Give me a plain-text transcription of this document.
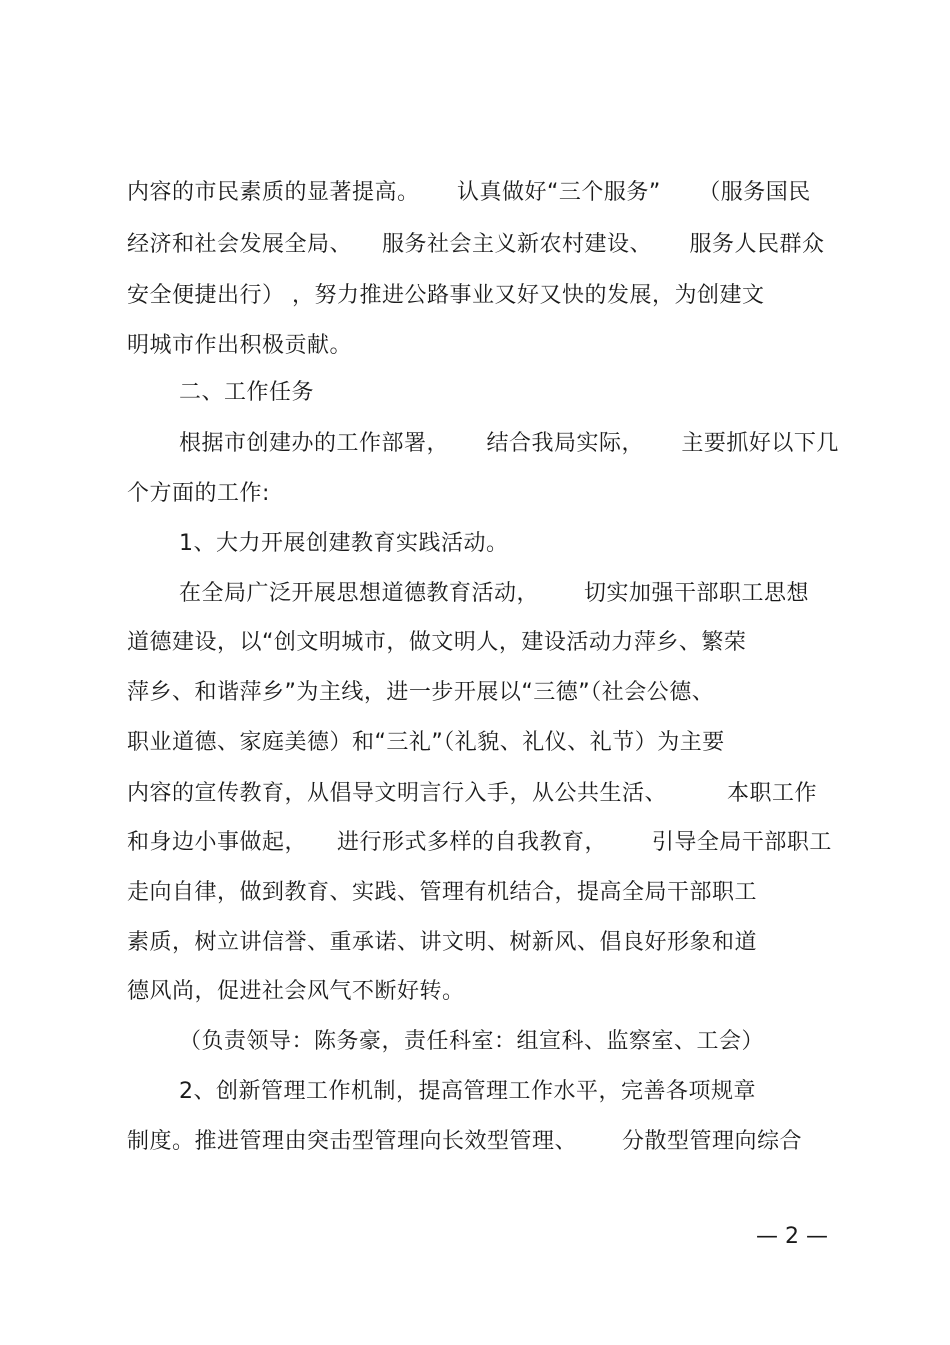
内容的市民素质的显著提高。     认真做好“三个服务”     （服务国民
经济和社会发展全局、    服务社会主义新农村建设、     服务人民群众
安全便捷出行） ，努力推进公路事业又好又快的发展，为创建文
明城市作出积极贡献。
二、工作任务
根据市创建办的工作部署，     结合我局实际，     主要抓好以下几
个方面的工作:
1、大力开展创建教育实践活动。
在全局广泛开展思想道德教育活动，      切实加强干部职工思想
道德建设，以“创文明城市，做文明人，建设活动力萍乡、繁荣
萍乡、和谐萍乡”为主线，进一步开展以“三德”（社会公德、
职业道德、家庭美德）和“三礼”（礼貌、礼仪、礼节）为主要
内容的宣传教育，从倡导文明言行入手，从公共生活、        本职工作
和身边小事做起，    进行形式多样的自我教育，      引导全局干部职工
走向自律，做到教育、实践、管理有机结合，提高全局干部职工
素质，树立讲信誉、重承诺、讲文明、树新风、倡良好形象和道
德风尚，促进社会风气不断好转。
（负责领导：陈务豪，责任科室：组宣科、监察室、工会）
2、创新管理工作机制，提高管理工作水平，完善各项规章
制度。推进管理由突击型管理向长效型管理、      分散型管理向综合
— 2 —
